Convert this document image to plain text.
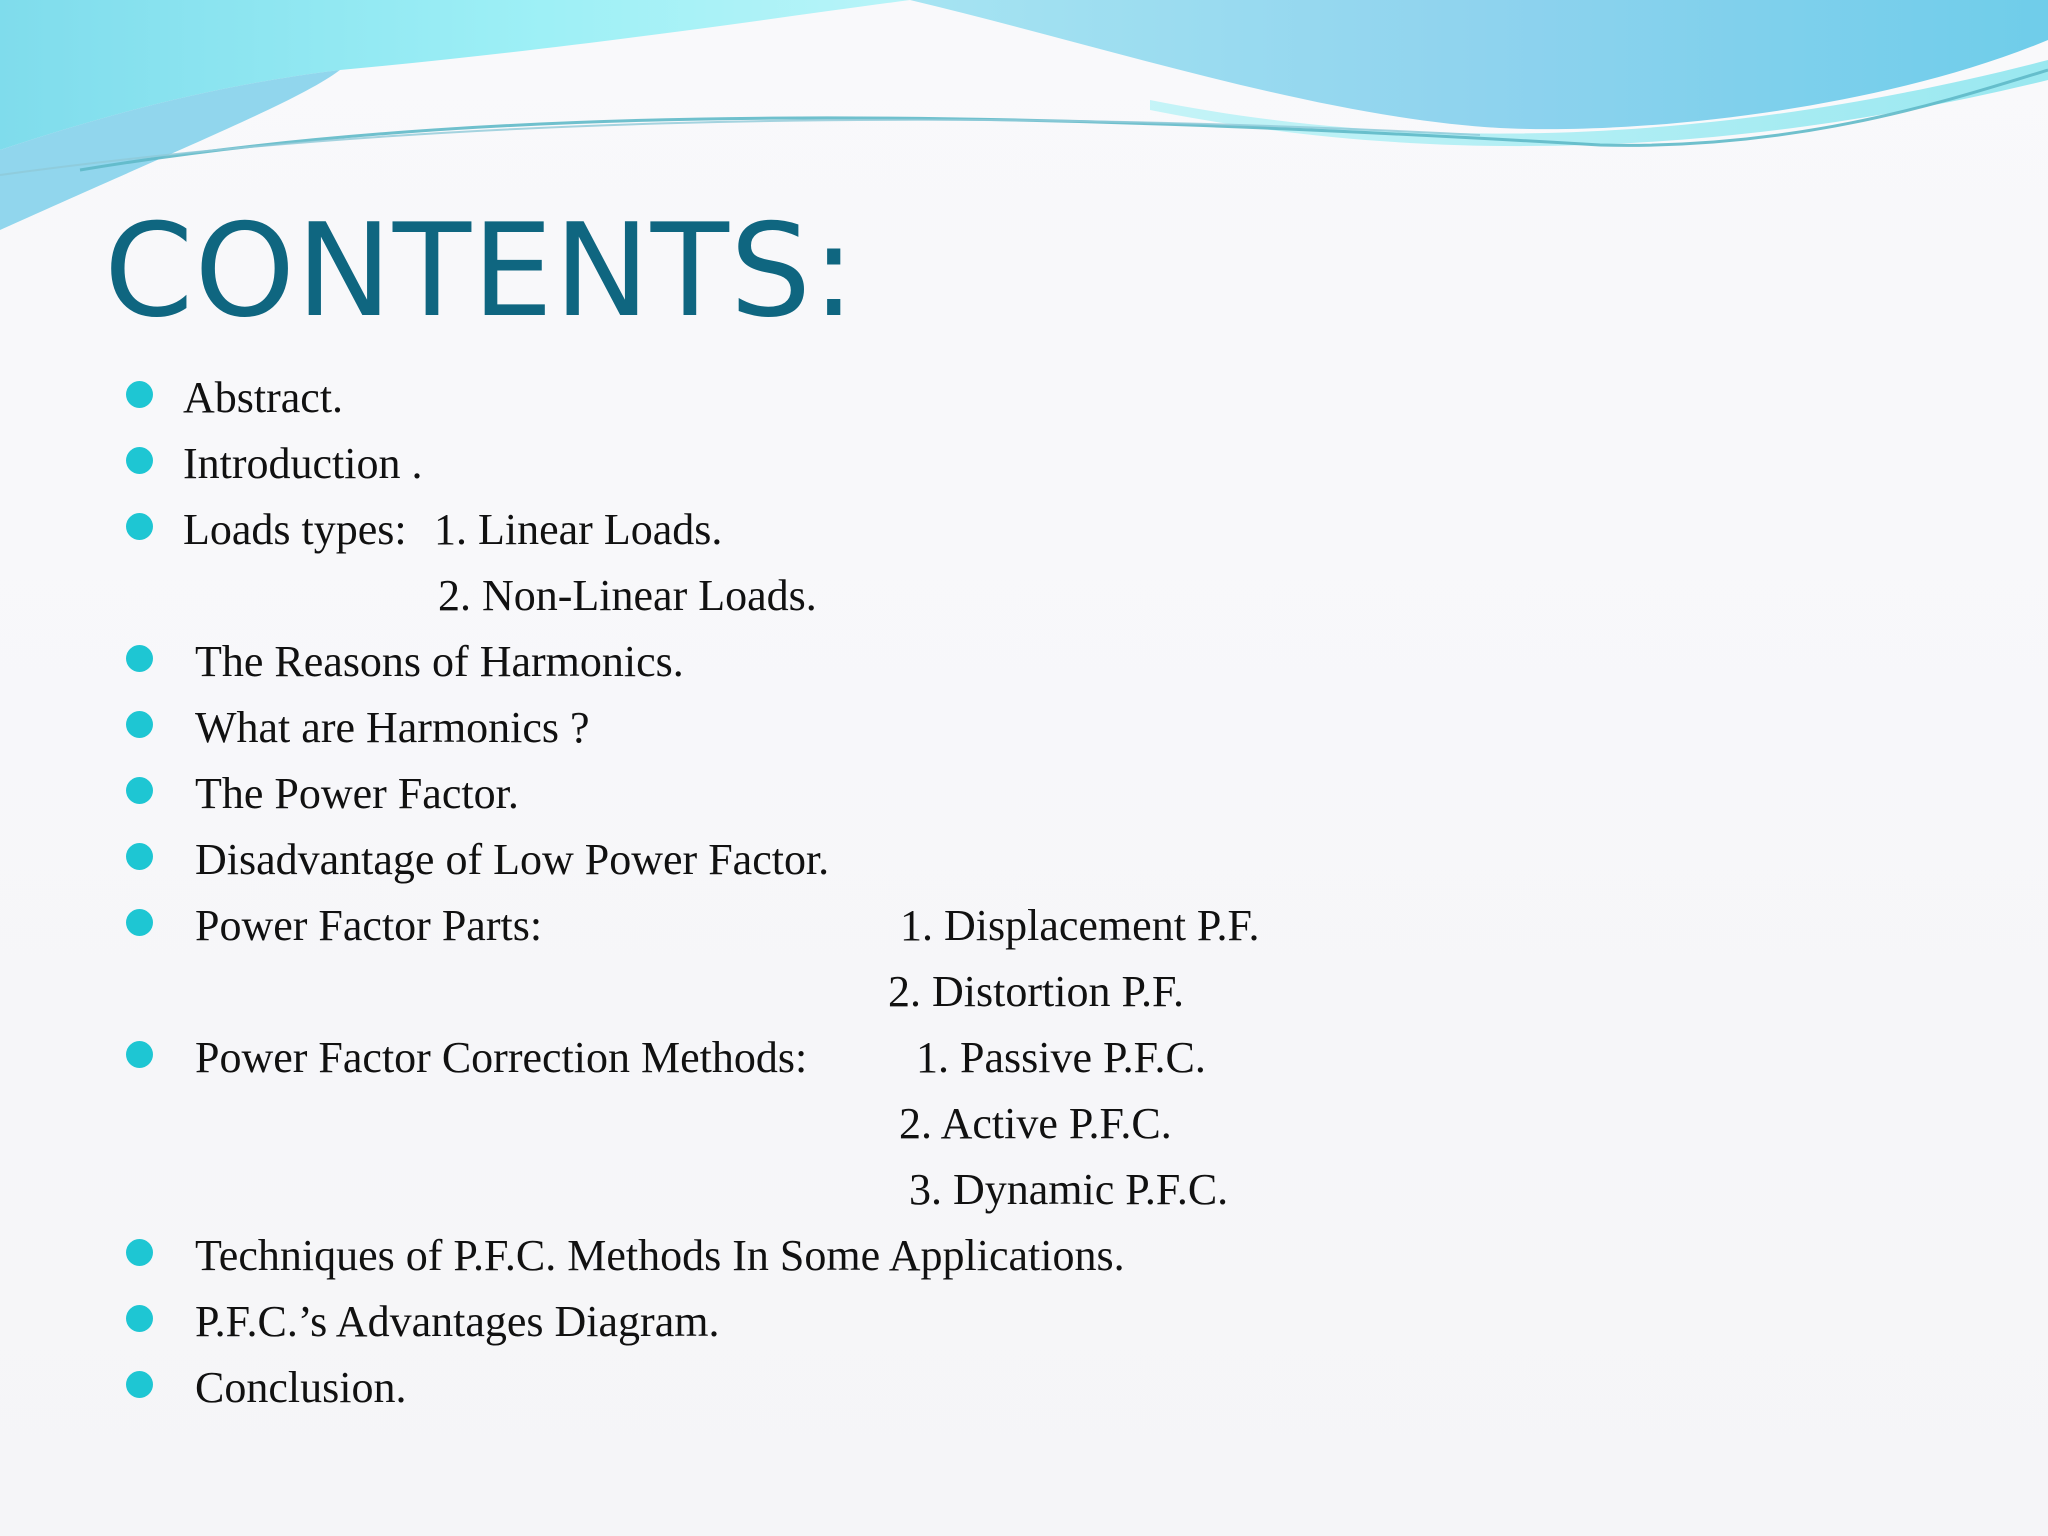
CONTENTS:
Abstract.
Introduction .
Loads types: 1. Linear Loads.
2. Non-Linear Loads.
The Reasons of Harmonics.
What are Harmonics ?
The Power Factor.
Disadvantage of Low Power Factor.
Power Factor Parts:	1. Displacement P.F.
2. Distortion P.F.
Power Factor Correction Methods: 1. Passive P.F.C.
2. Active P.F.C.
3. Dynamic P.F.C.
Techniques of P.F.C. Methods In Some Applications.
P.F.C.’s Advantages Diagram.
Conclusion.
